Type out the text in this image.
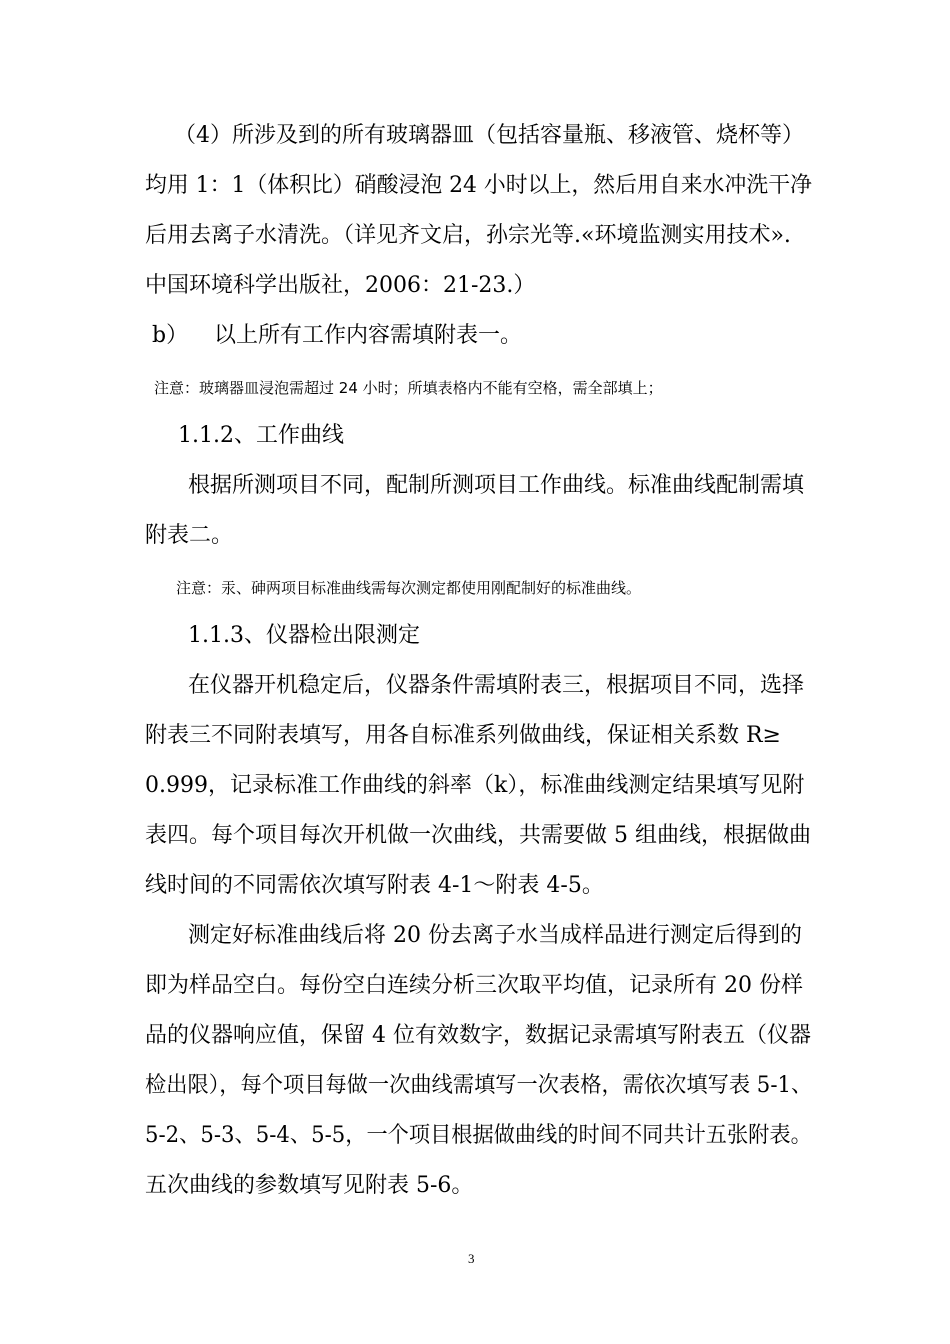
（4）所涉及到的所有玻璃器皿（包括容量瓶、移液管、烧杯等）
均用 1：1（体积比）硝酸浸泡 24 小时以上，然后用自来水冲洗干净
后用去离子水清洗。（详见齐文启，孙宗光等.«环境监测实用技术».
中国环境科学出版社，2006：21-23.）
b） 以上所有工作内容需填附表一。
注意：玻璃器皿浸泡需超过 24 小时；所填表格内不能有空格，需全部填上；
1.1.2、工作曲线
根据所测项目不同，配制所测项目工作曲线。标准曲线配制需填
附表二。
注意：汞、砷两项目标准曲线需每次测定都使用刚配制好的标准曲线。
1.1.3、仪器检出限测定
在仪器开机稳定后，仪器条件需填附表三，根据项目不同，选择
附表三不同附表填写，用各自标准系列做曲线，保证相关系数 R≥
0.999，记录标准工作曲线的斜率（k），标准曲线测定结果填写见附
表四。每个项目每次开机做一次曲线，共需要做 5 组曲线，根据做曲
线时间的不同需依次填写附表 4-1～附表 4-5。
测定好标准曲线后将 20 份去离子水当成样品进行测定后得到的
即为样品空白。每份空白连续分析三次取平均值，记录所有 20 份样
品的仪器响应值，保留 4 位有效数字，数据记录需填写附表五（仪器
检出限），每个项目每做一次曲线需填写一次表格，需依次填写表 5-1、
5-2、5-3、5-4、5-5，一个项目根据做曲线的时间不同共计五张附表。
五次曲线的参数填写见附表 5-6。
3
